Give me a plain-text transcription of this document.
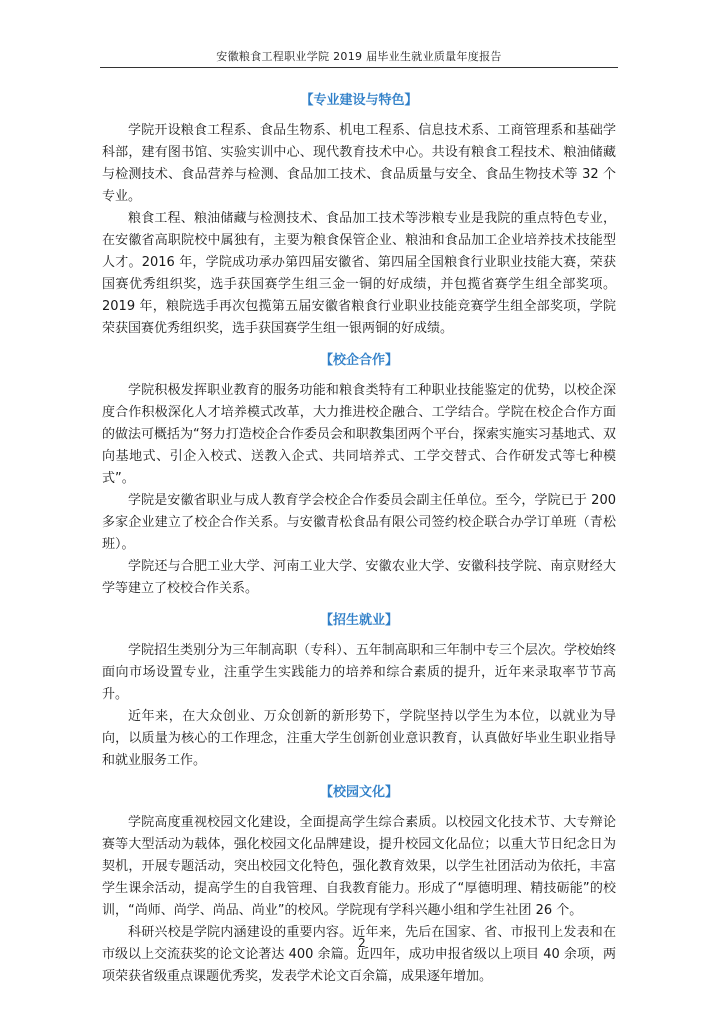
安徽粮食工程职业学院 2019 届毕业生就业质量年度报告
【专业建设与特色】

学院开设粮食工程系、食品生物系、机电工程系、信息技术系、工商管理系和基础学科部，建有图书馆、实验实训中心、现代教育技术中心。共设有粮食工程技术、粮油储藏与检测技术、食品营养与检测、食品加工技术、食品质量与安全、食品生物技术等 32 个专业。

粮食工程、粮油储藏与检测技术、食品加工技术等涉粮专业是我院的重点特色专业，在安徽省高职院校中属独有，主要为粮食保管企业、粮油和食品加工企业培养技术技能型人才。2016 年，学院成功承办第四届安徽省、第四届全国粮食行业职业技能大赛，荣获国赛优秀组织奖，选手获国赛学生组三金一铜的好成绩，并包揽省赛学生组全部奖项。2019 年，粮院选手再次包揽第五届安徽省粮食行业职业技能竞赛学生组全部奖项，学院荣获国赛优秀组织奖，选手获国赛学生组一银两铜的好成绩。

【校企合作】

学院积极发挥职业教育的服务功能和粮食类特有工种职业技能鉴定的优势，以校企深度合作积极深化人才培养模式改革，大力推进校企融合、工学结合。学院在校企合作方面的做法可概括为“努力打造校企合作委员会和职教集团两个平台，探索实施实习基地式、双向基地式、引企入校式、送教入企式、共同培养式、工学交替式、合作研发式等七种模式”。

学院是安徽省职业与成人教育学会校企合作委员会副主任单位。至今，学院已于 200 多家企业建立了校企合作关系。与安徽青松食品有限公司签约校企联合办学订单班（青松班）。

学院还与合肥工业大学、河南工业大学、安徽农业大学、安徽科技学院、南京财经大学等建立了校校合作关系。

【招生就业】

学院招生类别分为三年制高职（专科）、五年制高职和三年制中专三个层次。学校始终面向市场设置专业，注重学生实践能力的培养和综合素质的提升，近年来录取率节节高升。

近年来，在大众创业、万众创新的新形势下，学院坚持以学生为本位，以就业为导向，以质量为核心的工作理念，注重大学生创新创业意识教育，认真做好毕业生职业指导和就业服务工作。

【校园文化】

学院高度重视校园文化建设，全面提高学生综合素质。以校园文化技术节、大专辩论赛等大型活动为载体，强化校园文化品牌建设，提升校园文化品位；以重大节日纪念日为契机，开展专题活动，突出校园文化特色，强化教育效果，以学生社团活动为依托，丰富学生课余活动，提高学生的自我管理、自我教育能力。形成了“厚德明理、精技砺能”的校训，“尚师、尚学、尚品、尚业”的校风。学院现有学科兴趣小组和学生社团 26 个。

科研兴校是学院内涵建设的重要内容。近年来，先后在国家、省、市报刊上发表和在市级以上交流获奖的论文论著达 400 余篇。近四年，成功申报省级以上项目 40 余项，两项荣获省级重点课题优秀奖，发表学术论文百余篇，成果逐年增加。

2
